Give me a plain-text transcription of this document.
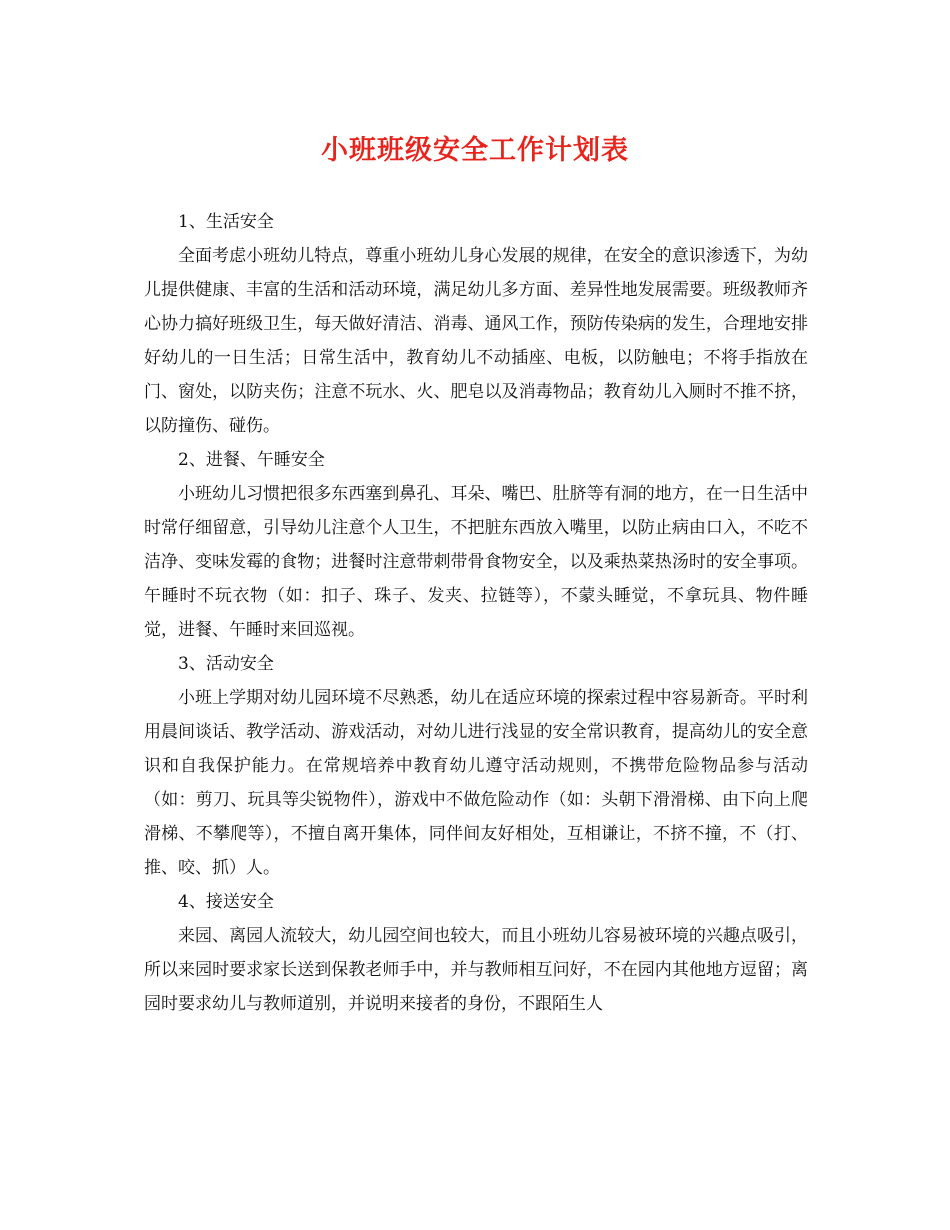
小班班级安全工作计划表

1、生活安全

全面考虑小班幼儿特点，尊重小班幼儿身心发展的规律，在安全的意识渗透下，为幼儿提供健康、丰富的生活和活动环境，满足幼儿多方面、差异性地发展需要。班级教师齐心协力搞好班级卫生，每天做好清洁、消毒、通风工作，预防传染病的发生，合理地安排好幼儿的一日生活；日常生活中，教育幼儿不动插座、电板，以防触电；不将手指放在门、窗处，以防夹伤；注意不玩水、火、肥皂以及消毒物品；教育幼儿入厕时不推不挤，以防撞伤、碰伤。

2、进餐、午睡安全

小班幼儿习惯把很多东西塞到鼻孔、耳朵、嘴巴、肚脐等有洞的地方，在一日生活中时常仔细留意，引导幼儿注意个人卫生，不把脏东西放入嘴里，以防止病由口入，不吃不洁净、变味发霉的食物；进餐时注意带刺带骨食物安全，以及乘热菜热汤时的安全事项。午睡时不玩衣物（如：扣子、珠子、发夹、拉链等），不蒙头睡觉，不拿玩具、物件睡觉，进餐、午睡时来回巡视。

3、活动安全

小班上学期对幼儿园环境不尽熟悉，幼儿在适应环境的探索过程中容易新奇。平时利用晨间谈话、教学活动、游戏活动，对幼儿进行浅显的安全常识教育，提高幼儿的安全意识和自我保护能力。在常规培养中教育幼儿遵守活动规则，不携带危险物品参与活动（如：剪刀、玩具等尖锐物件），游戏中不做危险动作（如：头朝下滑滑梯、由下向上爬滑梯、不攀爬等），不擅自离开集体，同伴间友好相处，互相谦让，不挤不撞，不（打、推、咬、抓）人。

4、接送安全

来园、离园人流较大，幼儿园空间也较大，而且小班幼儿容易被环境的兴趣点吸引，所以来园时要求家长送到保教老师手中，并与教师相互问好，不在园内其他地方逗留；离园时要求幼儿与教师道别，并说明来接者的身份，不跟陌生人
